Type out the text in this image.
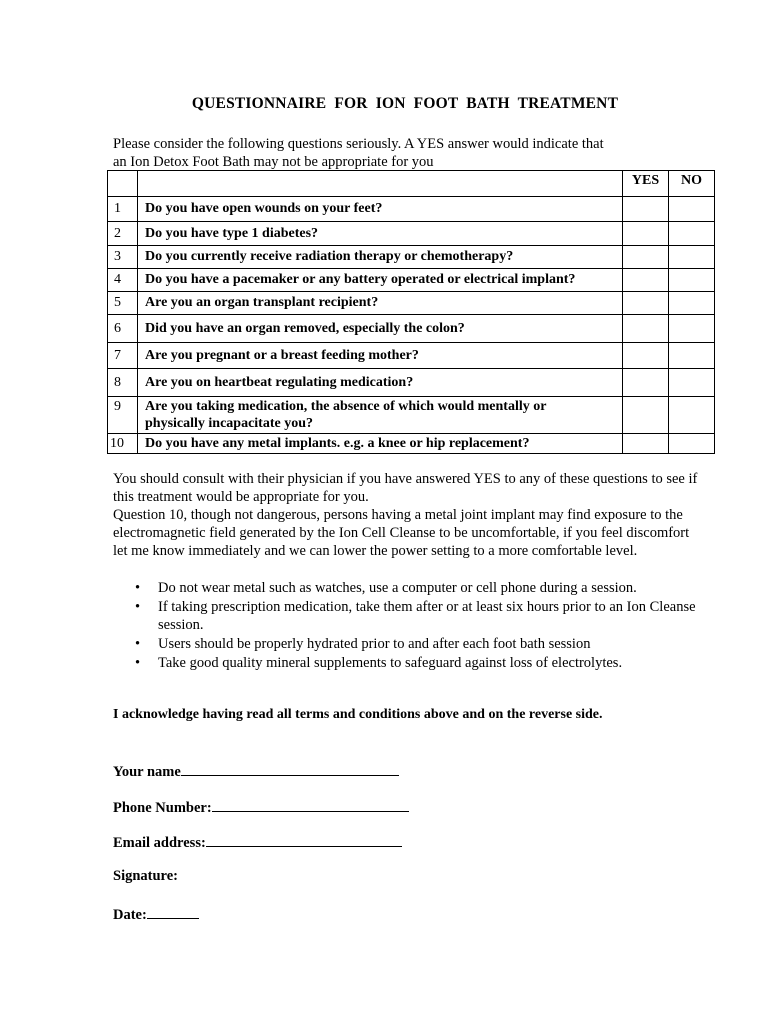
QUESTIONNAIRE FOR ION FOOT BATH TREATMENT
Please consider the following questions seriously. A YES answer would indicate that
an Ion Detox Foot Bath may not be appropriate for you
		YES	NO
1	Do you have open wounds on your feet?		
2	Do you have type 1 diabetes?		
3	Do you currently receive radiation therapy or chemotherapy?		
4	Do you have a pacemaker or any battery operated or electrical implant?		
5	Are you an organ transplant recipient?		
6	Did you have an organ removed, especially the colon?		
7	Are you pregnant or a breast feeding mother?		
8	Are you on heartbeat regulating medication?		
9	Are you taking medication, the absence of which would mentally or
physically incapacitate you?		

10	Do you have any metal implants. e.g. a knee or hip replacement?		
You should consult with their physician if you have answered YES to any of these questions to see if
this treatment would be appropriate for you.
Question 10, though not dangerous, persons having a metal joint implant may find exposure to the
electromagnetic field generated by the Ion Cell Cleanse to be uncomfortable, if you feel discomfort
let me know immediately and we can lower the power setting to a more comfortable level.
• Do not wear metal such as watches, use a computer or cell phone during a session.
• If taking prescription medication, take them after or at least six hours prior to an Ion Cleanse
session.
• Users should be properly hydrated prior to and after each foot bath session
• Take good quality mineral supplements to safeguard against loss of electrolytes.
I acknowledge having read all terms and conditions above and on the reverse side.
Your name
Phone Number:
Email address:
Signature:
Date:
